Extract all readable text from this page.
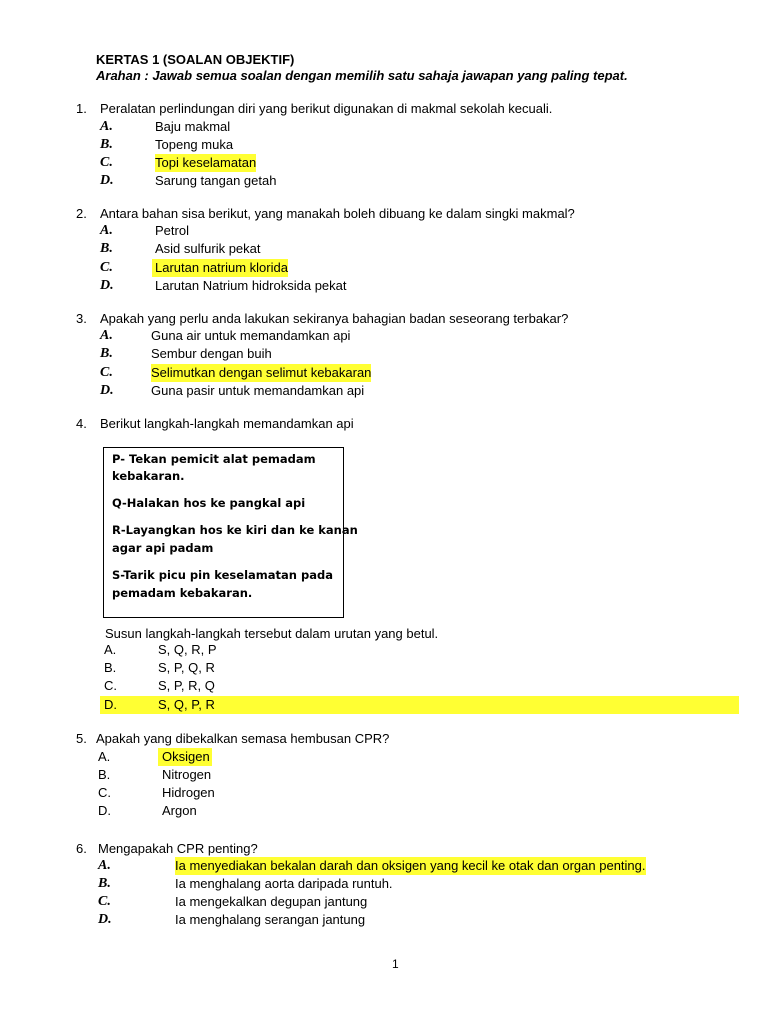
KERTAS 1 (SOALAN OBJEKTIF)
Arahan : Jawab semua soalan dengan memilih satu sahaja jawapan yang paling tepat.
1. Peralatan perlindungan diri yang berikut digunakan di makmal sekolah kecuali.
A.	Baju makmal
B.	Topeng muka
C.	Topi keselamatan
D.	Sarung tangan getah
2. Antara bahan sisa berikut, yang manakah boleh dibuang ke dalam singki makmal?
A.	Petrol
B.	Asid sulfurik pekat
C.	Larutan natrium klorida
D.	Larutan Natrium hidroksida pekat
3. Apakah yang perlu anda lakukan sekiranya bahagian badan seseorang terbakar?
A.	Guna air untuk memandamkan api
B.	Sembur dengan buih
C.	Selimutkan dengan selimut kebakaran
D.	Guna pasir untuk memandamkan api
4. Berikut langkah-langkah memandamkan api
P- Tekan pemicit alat pemadam
kebakaran.
Q-Halakan hos ke pangkal api
R-Layangkan hos ke kiri dan ke kanan
agar api padam
S-Tarik picu pin keselamatan pada
pemadam kebakaran.
Susun langkah-langkah tersebut dalam urutan yang betul.
A.	S, Q, R, P
B.	S, P, Q, R
C.	S, P, R, Q
D.	S, Q, P, R
5. Apakah yang dibekalkan semasa hembusan CPR?
A.	Oksigen
B.	Nitrogen
C.	Hidrogen
D.	Argon
6. Mengapakah CPR penting?
A.	Ia menyediakan bekalan darah dan oksigen yang kecil ke otak dan organ penting.
B.	Ia menghalang aorta daripada runtuh.
C.	Ia mengekalkan degupan jantung
D.	Ia menghalang serangan jantung
1
